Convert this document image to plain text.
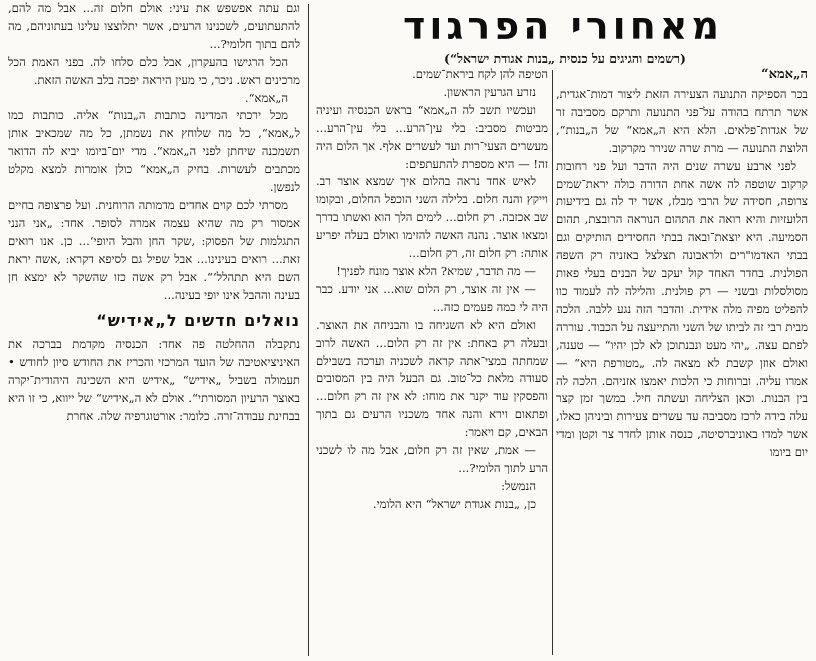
מאחורי הפרגוד
(רשמים והגיגים על כנסית „בנות אגודת ישראל“)
ה„אמא“

בכר הספיקה התנועה הצעירה הזאת ליצור דמות־אגדית, אשר תרתח בהודה על־פני התנועה ותרקם מסביבה זר של אגדות־פלאים. הלא היא ה„אמא“ של ה„בנות“, הלוצת התנועה — מרת שרה שנירר מקרקוב.

לפני ארבע עשרה שנים היה הדבר ועל פני רחובות קרקוב שוטפה לה אשה אחת הדורה כולה יראת־שמים צרופה, חסידה של הרבי מבלז, אשר יד לה גם בידיעות הלועזיות והיא רואה את התהום הנוראה הרובצת, תהום הסמיעה. היא יוצאת־ובאה בבתי החסידים הותיקים וגם בבתי האדמו"רים ולראבונה תצלצל באזניה רק השפה הפולנית. בחדר האחד קול יעקב של הבנים בעלי פאות מסולסלות ובשני — רק פולנית. והלילה לה לעמוד כוו להפליט מפיה מלה אידית. והדבר הזה נגע ללבה. הלכה מבית רבי זה לביתו של השני והתייעצה על הכבוד. עוררה לפתם עצה. „יהי מעט ונבנתוכן לא לכן יהיו“ — טענה, ואולם אוזן קשבת לא מצאה לה. „מטורפת היא“ — אמרו עליה. וברוחות כי הלכות יאמצו אזניהם. הלכה לה בין הבנות. וכאן הצליחה ועשתה חיל. במשך זמן קצר עלה בידה לרכז מסביבה עד עשרים צעירות וביניהן כאלו, אשר למדו באוניברסיטה, כנסה אותן לחדר צר וקטן ומדי יום ביומו

הטיפה להן לקח ביראת־שמים.

נזרע הגרעין הראשון.

ועכשיו תשב לה ה„אמא“ בראש הכנסיה ועיניה מביטות מסביב: בלי עין־הרע... בלי עין־הרע... מעשרים הצעי־רות ועד לעשרים אלף. אך הלום היה זה! — היא מספרת להתעתפים:

לאיש אחד נראה בהלום איך שמצא אוצר רב. וייקץ והנה חלום. בלילה השני הוכפל החלום, ובקומו שב אכזבה. רק חלום... לימים הלך הוא ואשתו בדרך ומצאו אוצר. נהנה האשה להזימו ואולם בעלה יפריע אותה: רק חלום זה, רק חלום...

— מה תדבר, שמיא? הלא אוצר מונח לפניך!

— אין זה אוצר, רק הלום שוא... אני יודע. כבר היה לי כמה פעמים כזה...

ואולם היא לא השגיחה בו והבניחה את האוצר. ובעלה רק באחת: אין זה רק הלום... האשה לרוב שמחתה במצי־אתה קראה לשכניה וערכה בשבילם סעודה מלאת כל־טוב. גם הבעל היה בין המסובים והפסקין עוד יקנר את מוחו: לא אין זה רק חלום... ופתאום וירא והנה אחד משכניו הרעים גם בתוך הבאים, קם ויאמר:

— אמת, שאין זה רק חלום, אבל מה לו לשכני הרע לתוך הלומי?...

הנמשל:

כן, „בנות אגודת ישראל“ היא הלומי.

וגם עתה אפשפש את עיני: אולם חלום זה... אבל מה להם, להתעתועים, לשכנינו הרעים, אשר יתלוצצו עלינו בעתוניהם, מה להם בתוך חלומי?...

הכל הרגישו בהעקרון, אבל כלם סלחו לה. בפני האמת הכל מרכינים ראש. ניכר, כי מעין היראה יפכה בלב האשה הזאת.

ה„אמא“.

מכל ירכתי המדינה כותבות ה„בנות“ אליה. כותבות כמו ל„אמא“, כל מה שלוחץ את נשמתן, כל מה שמכאיב אותן תשמכנה שיחתן לפני ה„אמא“. מדי יום־ביומו יביא לה הדואר מכתבים לעשרות. בחיק ה„אמא“ כולן אומרות למצא מקלט לנפשן.

מסרתי לכם קוים אחדים מדמותה הרוחנית. ועל פרצופה בחיים אמסור רק מה שהיא עצמה אמרה לסופר. אחד: „אני הנני התגלמות של הפסוק: ,שקר החן והבל היופי‘... כן. אנו רואים זאת... רואים בעינינו... אבל שפיל גם לסיפא דקרא: ,אשה יראת השם היא תתהלל‘“. אבל רק אשה כזו שהשקר לא ימצא חן בעינה וההבל אינו יופי בעינה...

נואלים חדשים ל„אידיש“

נתקבלה ההחלטה פה אחד: הכנסיה מקדמת בברכה את האיניציאטיבה של הועד המרכזי והכריז את החודש סיון לחודש • תעמולה בשביל „אידיש“ „אידיש היא השכינה היהודית־יקרה באוצר הרעיון המסורתי“. אולם לא ה„אידיש“ של ייווא, כי זו היא בבחינת עבודה־זרה. כלומר: אורטוגרפיה שלה. אחרת
